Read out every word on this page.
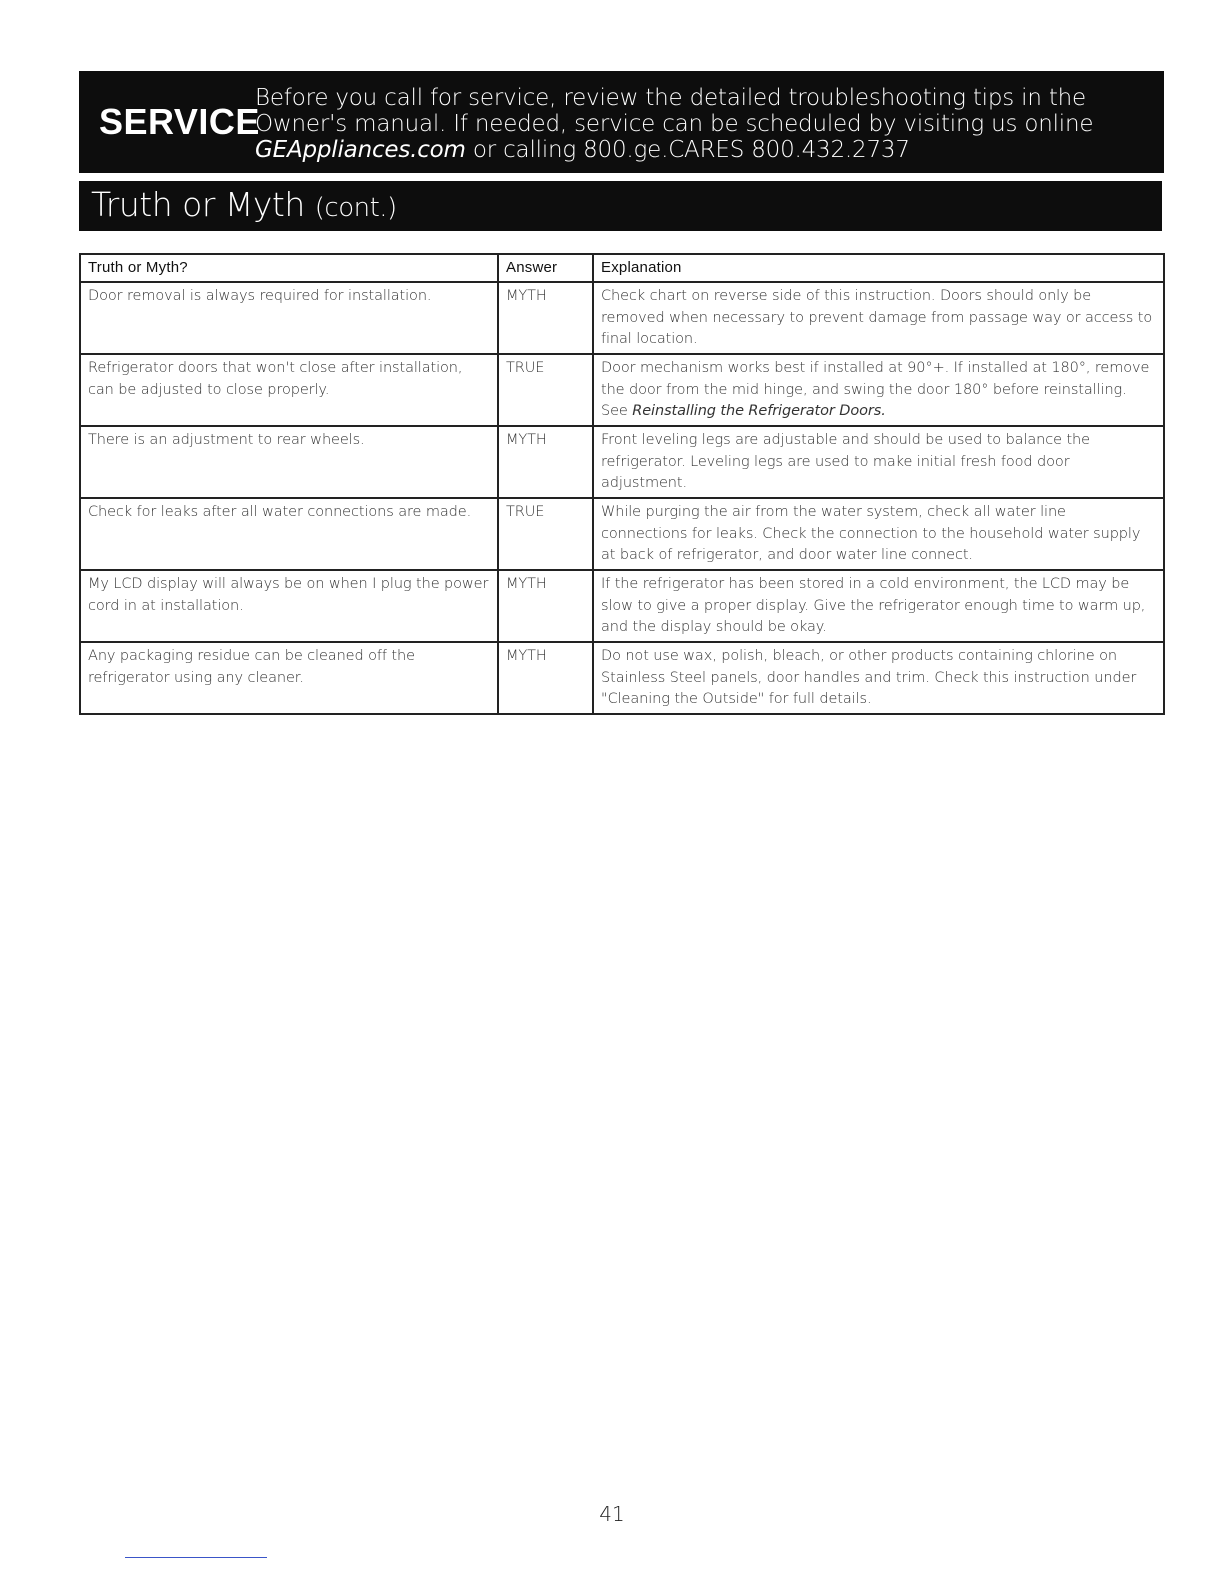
SERVICE
Before you call for service, review the detailed troubleshooting tips in the Owner's manual. If needed, service can be scheduled by visiting us online GEAppliances.com or calling 800.ge.CARES 800.432.2737
Truth or Myth (cont.)
Truth or Myth?	Answer	Explanation
Door removal is always required for installation.	MYTH	Check chart on reverse side of this instruction. Doors should only be removed when necessary to prevent damage from passage way or access to final location.
Refrigerator doors that won't close after installation, can be adjusted to close properly.	TRUE	Door mechanism works best if installed at 90°+. If installed at 180°, remove the door from the mid hinge, and swing the door 180° before reinstalling. See Reinstalling the Refrigerator Doors.
There is an adjustment to rear wheels.	MYTH	Front leveling legs are adjustable and should be used to balance the refrigerator. Leveling legs are used to make initial fresh food door adjustment.
Check for leaks after all water connections are made.	TRUE	While purging the air from the water system, check all water line connections for leaks. Check the connection to the household water supply at back of refrigerator, and door water line connect.
My LCD display will always be on when I plug the power cord in at installation.	MYTH	If the refrigerator has been stored in a cold environment, the LCD may be slow to give a proper display. Give the refrigerator enough time to warm up, and the display should be okay.
Any packaging residue can be cleaned off the refrigerator using any cleaner.	MYTH	Do not use wax, polish, bleach, or other products containing chlorine on Stainless Steel panels, door handles and trim. Check this instruction under "Cleaning the Outside" for full details.
41
